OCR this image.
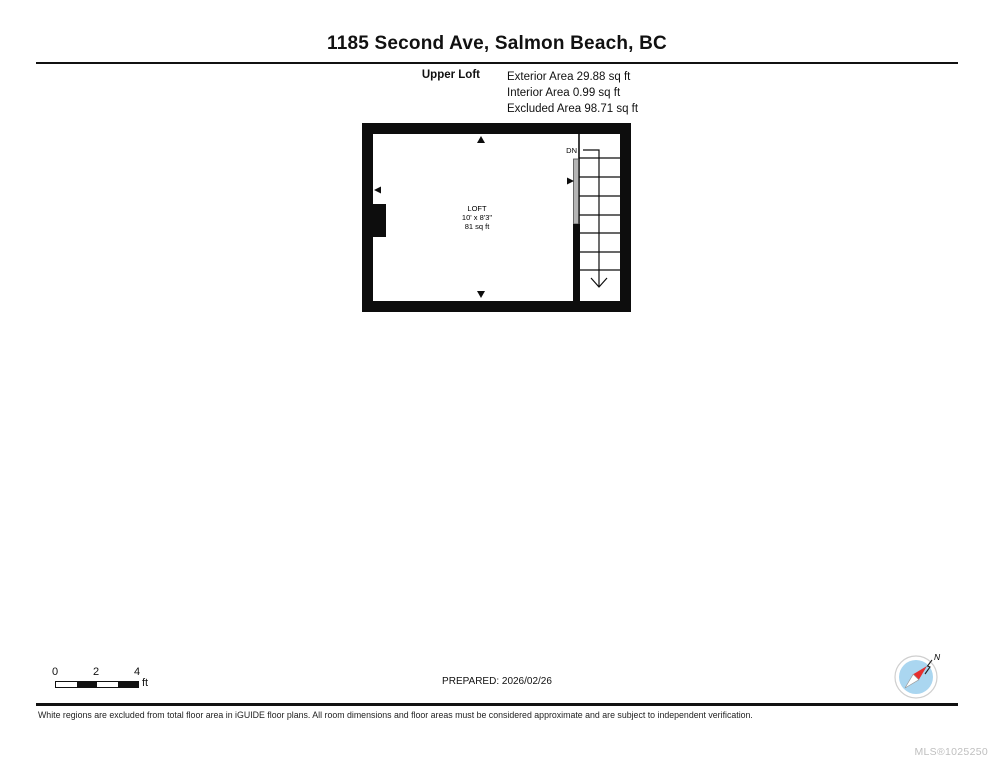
1185 Second Ave, Salmon Beach, BC
Upper Loft Exterior Area 29.88 sq ft
Interior Area 0.99 sq ft
Excluded Area 98.71 sq ft
DN
LOFT
10' x 8'3"
81 sq ft
0	2	4
ft	PREPARED: 2026/02/26
N
White regions are excluded from total floor area in iGUIDE floor plans. All room dimensions and floor areas must be considered approximate and are subject to independent verification.
MLS®1025250
